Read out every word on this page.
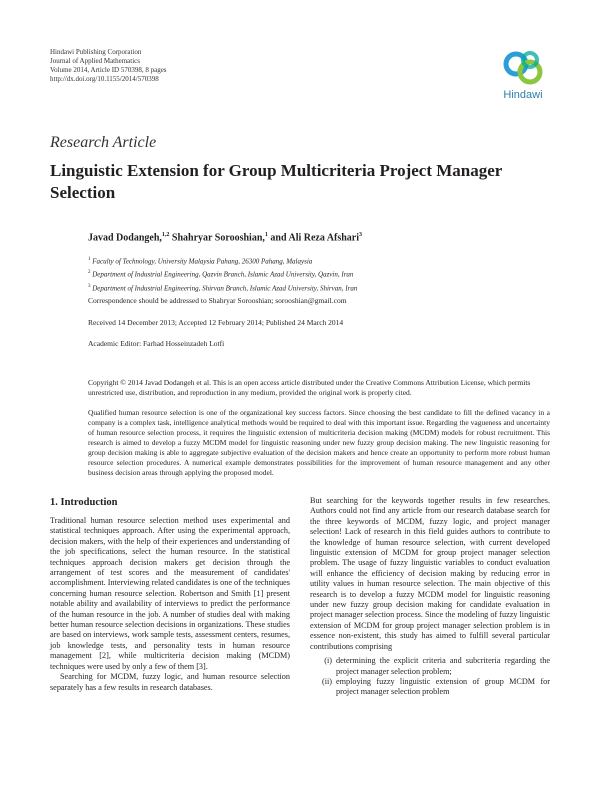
Hindawi Publishing Corporation
Journal of Applied Mathematics
Volume 2014, Article ID 570398, 8 pages
http://dx.doi.org/10.1155/2014/570398
Hindawi
Research Article
Linguistic Extension for Group Multicriteria Project Manager Selection
Javad Dodangeh,$^{1,2}$ Shahryar Sorooshian,$^1$ and Ali Reza Afshari$^3$
$^1$ Faculty of Technology, University Malaysia Pahang, 26300 Pahang, Malaysia
$^2$ Department of Industrial Engineering, Qazvin Branch, Islamic Azad University, Qazvin, Iran
$^3$ Department of Industrial Engineering, Shirvan Branch, Islamic Azad University, Shirvan, Iran
Correspondence should be addressed to Shahryar Sorooshian; sorooshian@gmail.com
Received 14 December 2013; Accepted 12 February 2014; Published 24 March 2014
Academic Editor: Farhad Hosseinzadeh Lotfi
Copyright © 2014 Javad Dodangeh et al. This is an open access article distributed under the Creative Commons Attribution License, which permits unrestricted use, distribution, and reproduction in any medium, provided the original work is properly cited.
Qualified human resource selection is one of the organizational key success factors. Since choosing the best candidate to fill the defined vacancy in a company is a complex task, intelligence analytical methods would be required to deal with this important issue. Regarding the vagueness and uncertainty of human resource selection process, it requires the linguistic extension of multicriteria decision making (MCDM) models for robust recruitment. This research is aimed to develop a fuzzy MCDM model for linguistic reasoning under new fuzzy group decision making. The new linguistic reasoning for group decision making is able to aggregate subjective evaluation of the decision makers and hence create an opportunity to perform more robust human resource selection procedures. A numerical example demonstrates possibilities for the improvement of human resource management and any other business decision areas through applying the proposed model.
1. Introduction

Traditional human resource selection method uses experimental and statistical techniques approach. After using the experimental approach, decision makers, with the help of their experiences and understanding of the job specifications, select the human resource. In the statistical techniques approach decision makers get decision through the arrangement of test scores and the measurement of candidates' accomplishment. Interviewing related candidates is one of the techniques concerning human resource selection. Robertson and Smith [1] present notable ability and availability of interviews to predict the performance of the human resource in the job. A number of studies deal with making better human resource selection decisions in organizations. These studies are based on interviews, work sample tests, assessment centers, resumes, job knowledge tests, and personality tests in human resource management [2], while multicriteria decision making (MCDM) techniques were used by only a few of them [3].

Searching for MCDM, fuzzy logic, and human resource selection separately has a few results in research databases.

But searching for the keywords together results in few researches. Authors could not find any article from our research database search for the three keywords of MCDM, fuzzy logic, and project manager selection! Lack of research in this field guides authors to contribute to the knowledge of human resource selection, with current developed linguistic extension of MCDM for group project manager selection problem. The usage of fuzzy linguistic variables to conduct evaluation will enhance the efficiency of decision making by reducing error in utility values in human resource selection. The main objective of this research is to develop a fuzzy MCDM model for linguistic reasoning under new fuzzy group decision making for candidate evaluation in project manager selection process. Since the modeling of fuzzy linguistic extension of MCDM for group project manager selection problem is in essence non-existent, this study has aimed to fulfill several particular contributions comprising

(i) determining the explicit criteria and subcriteria regarding the project manager selection problem;
(ii) employing fuzzy linguistic extension of group MCDM for project manager selection problem
